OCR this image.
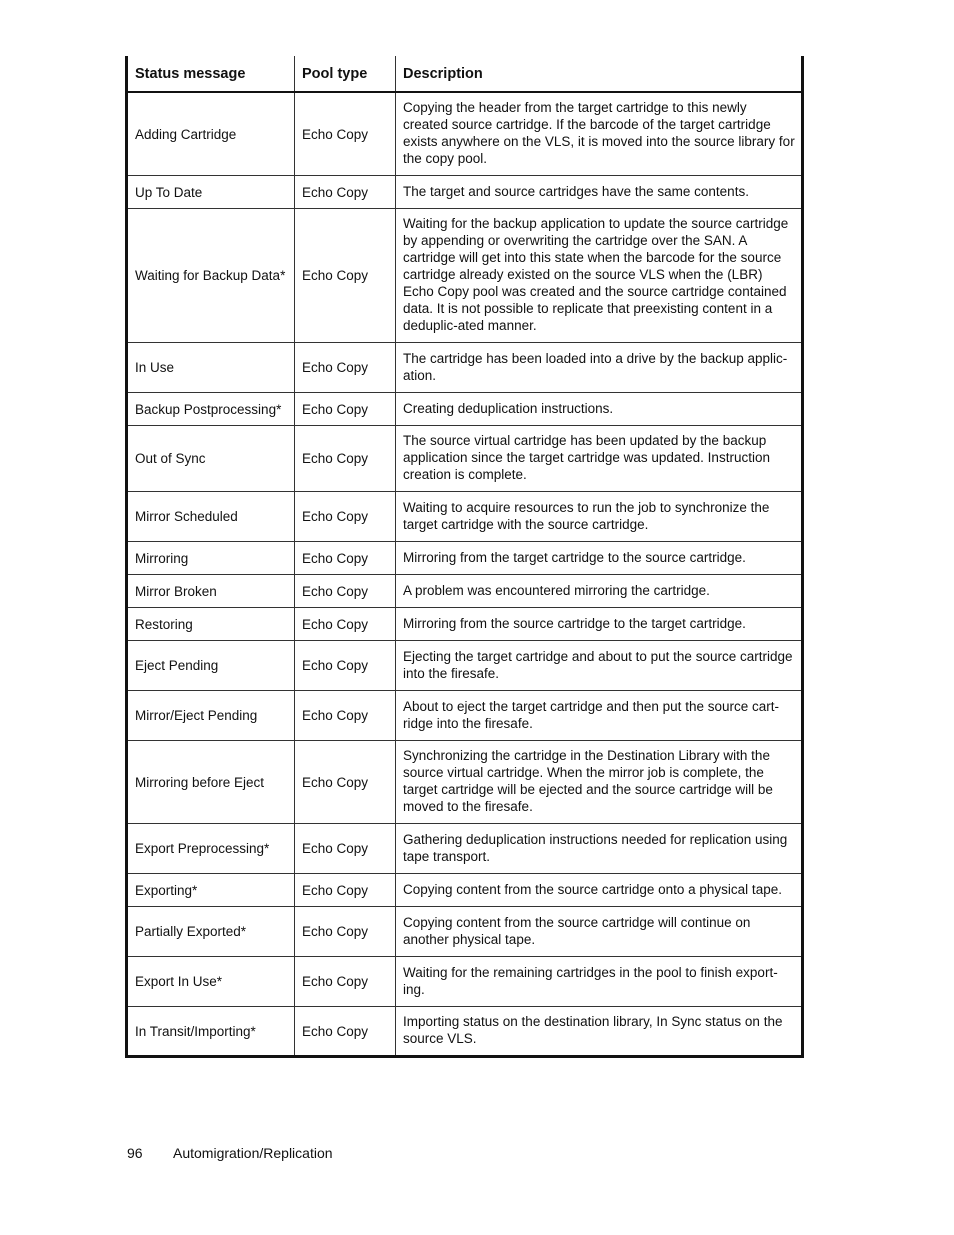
Status message	Pool type	Description
Adding Cartridge	Echo Copy	Copying the header from the target cartridge to this newly created source cartridge. If the barcode of the target cartridge exists anywhere on the VLS, it is moved into the source library for the copy pool.
Up To Date	Echo Copy	The target and source cartridges have the same contents.
Waiting for Backup Data*	Echo Copy	Waiting for the backup application to update the source cartridge by appending or overwriting the cartridge over the SAN. A cartridge will get into this state when the barcode for the source cartridge already existed on the source VLS when the (LBR) Echo Copy pool was created and the source cartridge contained data. It is not possible to replicate that preexisting content in a deduplic-ated manner.
In Use	Echo Copy	The cartridge has been loaded into a drive by the backup applic-ation.
Backup Postprocessing*	Echo Copy	Creating deduplication instructions.
Out of Sync	Echo Copy	The source virtual cartridge has been updated by the backup application since the target cartridge was updated. Instruction creation is complete.
Mirror Scheduled	Echo Copy	Waiting to acquire resources to run the job to synchronize the target cartridge with the source cartridge.
Mirroring	Echo Copy	Mirroring from the target cartridge to the source cartridge.
Mirror Broken	Echo Copy	A problem was encountered mirroring the cartridge.
Restoring	Echo Copy	Mirroring from the source cartridge to the target cartridge.
Eject Pending	Echo Copy	Ejecting the target cartridge and about to put the source cartridge into the firesafe.
Mirror/Eject Pending	Echo Copy	About to eject the target cartridge and then put the source cart-ridge into the firesafe.
Mirroring before Eject	Echo Copy	Synchronizing the cartridge in the Destination Library with the source virtual cartridge. When the mirror job is complete, the target cartridge will be ejected and the source cartridge will be moved to the firesafe.
Export Preprocessing*	Echo Copy	Gathering deduplication instructions needed for replication using tape transport.
Exporting*	Echo Copy	Copying content from the source cartridge onto a physical tape.
Partially Exported*	Echo Copy	Copying content from the source cartridge will continue on another physical tape.
Export In Use*	Echo Copy	Waiting for the remaining cartridges in the pool to finish export-ing.
In Transit/Importing*	Echo Copy	Importing status on the destination library, In Sync status on the source VLS.
96 Automigration/Replication
